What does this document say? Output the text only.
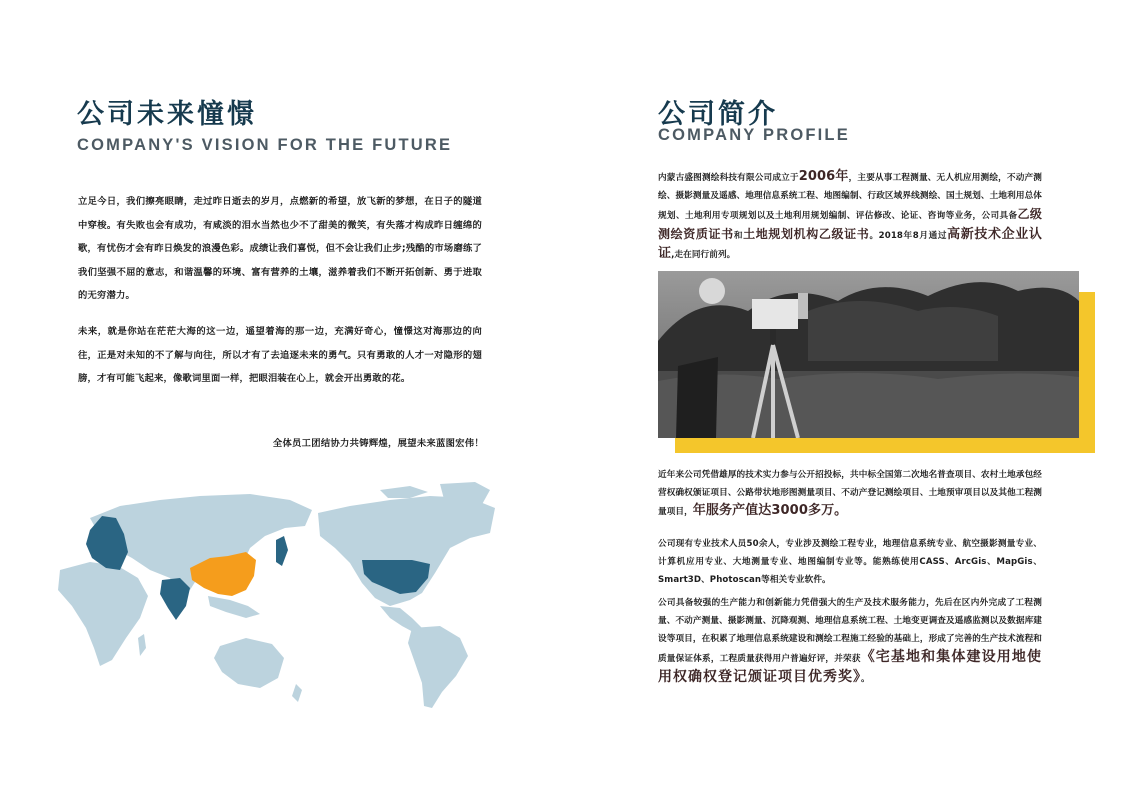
公司未来憧憬
COMPANY'S VISION FOR THE FUTURE

立足今日，我们擦亮眼睛，走过昨日逝去的岁月，点燃新的希望，放飞新的梦想，在日子的隧道中穿梭。有失败也会有成功，有咸淡的泪水当然也少不了甜美的微笑，有失落才构成昨日缠绵的歌，有忧伤才会有昨日焕发的浪漫色彩。成绩让我们喜悦，但不会让我们止步;残酷的市场磨练了我们坚强不屈的意志，和谐温馨的环境、富有营养的土壤，滋养着我们不断开拓创新、勇于进取的无穷潜力。

未来，就是你站在茫茫大海的这一边，遥望着海的那一边，充满好奇心，憧憬这对海那边的向往，正是对未知的不了解与向往，所以才有了去追逐未来的勇气。只有勇敢的人才一对隐形的翅膀，才有可能飞起来，像歌词里面一样，把眼泪装在心上，就会开出勇敢的花。

全体员工团结协力共铸辉煌，展望未来蓝图宏伟！

公司简介
COMPANY PROFILE

内蒙古盛图测绘科技有限公司成立于2006年，主要从事工程测量、无人机应用测绘，不动产测绘、摄影测量及遥感、地理信息系统工程、地图编制、行政区域界线测绘、国土规划、土地利用总体规划、土地利用专项规划以及土地利用规划编制、评估修改、论证、咨询等业务，公司具备乙级测绘资质证书和土地规划机构乙级证书。2018年8月通过高新技术企业认证,走在同行前列。

近年来公司凭借雄厚的技术实力参与公开招投标，共中标全国第二次地名普查项目、农村土地承包经营权确权颁证项目、公路带状地形图测量项目、不动产登记测绘项目、土地预审项目以及其他工程测量项目，年服务产值达3000多万。

公司现有专业技术人员50余人，专业涉及测绘工程专业，地理信息系统专业、航空摄影测量专业、计算机应用专业、大地测量专业、地图编制专业等。能熟练使用CASS、ArcGis、MapGis、Smart3D、Photoscan等相关专业软件。

公司具备较强的生产能力和创新能力凭借强大的生产及技术服务能力，先后在区内外完成了工程测量、不动产测量、摄影测量、沉降观测、地理信息系统工程、土地变更调查及遥感监测以及数据库建设等项目，在积累了地理信息系统建设和测绘工程施工经验的基础上，形成了完善的生产技术流程和质量保证体系，工程质量获得用户普遍好评，并荣获《宅基地和集体建设用地使用权确权登记颁证项目优秀奖》。
